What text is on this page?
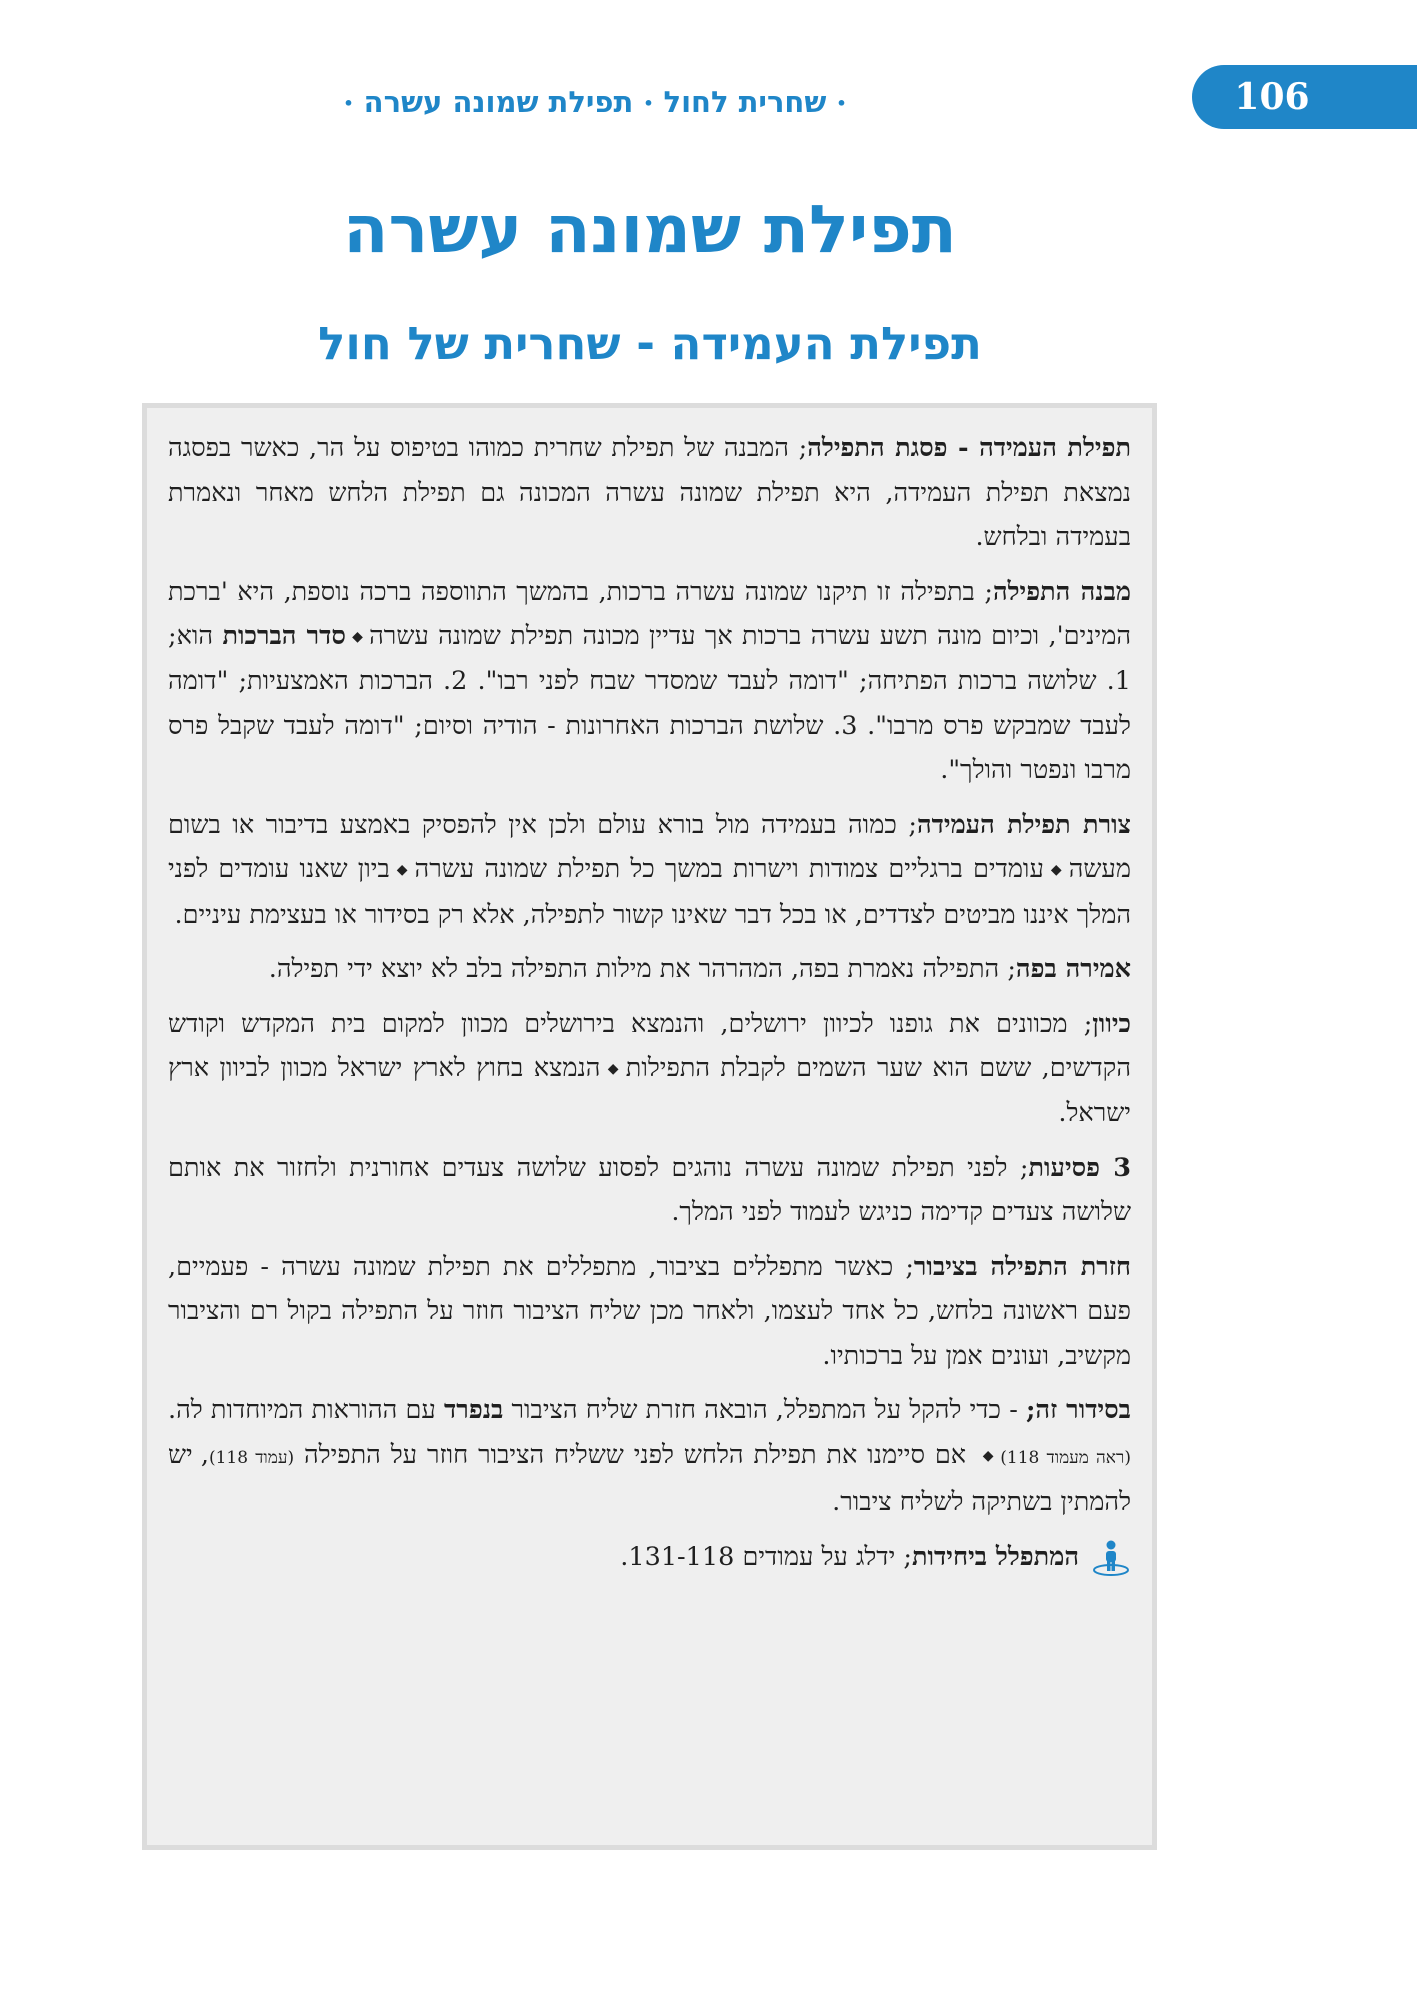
106
•שחרית לחול•תפילת שמונה עשרה•
תפילת שמונה עשרה
תפילת העמידה - שחרית של חול

תפילת העמידה - פסגת התפילה; המבנה של תפילת שחרית כמוהו בטיפוס על הר, כאשר בפסגה נמצאת תפילת העמידה, היא תפילת שמונה עשרה המכונה גם תפילת הלחש מאחר ונאמרת בעמידה ובלחש.

מבנה התפילה; בתפילה זו תיקנו שמונה עשרה ברכות, בהמשך התווספה ברכה נוספת, היא 'ברכת המינים', וכיום מונה תשע עשרה ברכות אך עדיין מכונה תפילת שמונה עשרה◆סדר הברכות הוא; 1. שלושה ברכות הפתיחה; "דומה לעבד שמסדר שבח לפני רבו". 2. הברכות האמצעיות; "דומה לעבד שמבקש פרס מרבו". 3. שלושת הברכות האחרונות - הודיה וסיום; "דומה לעבד שקבל פרס מרבו ונפטר והולך".

צורת תפילת העמידה; כמוה בעמידה מול בורא עולם ולכן אין להפסיק באמצע בדיבור או בשום מעשה◆עומדים ברגליים צמודות וישרות במשך כל תפילת שמונה עשרה◆ביון שאנו עומדים לפני המלך איננו מביטים לצדדים, או בכל דבר שאינו קשור לתפילה, אלא רק בסידור או בעצימת עיניים.

אמירה בפה; התפילה נאמרת בפה, המהרהר את מילות התפילה בלב לא יוצא ידי תפילה.

כיוון; מכוונים את גופנו לכיוון ירושלים, והנמצא בירושלים מכוון למקום בית המקדש וקודש הקדשים, ששם הוא שער השמים לקבלת התפילות◆הנמצא בחוץ לארץ ישראל מכוון לביוון ארץ ישראל.

3 פסיעות; לפני תפילת שמונה עשרה נוהגים לפסוע שלושה צעדים אחורנית ולחזור את אותם שלושה צעדים קדימה כניגש לעמוד לפני המלך.

חזרת התפילה בציבור; כאשר מתפללים בציבור, מתפללים את תפילת שמונה עשרה - פעמיים, פעם ראשונה בלחש, כל אחד לעצמו, ולאחר מכן שליח הציבור חוזר על התפילה בקול רם והציבור מקשיב, ועונים אמן על ברכותיו.

בסידור זה; - כדי להקל על המתפלל, הובאה חזרת שליח הציבור בנפרד עם ההוראות המיוחדות לה. (ראה מעמוד 118)◆ אם סיימנו את תפילת הלחש לפני ששליח הציבור חוזר על התפילה (עמוד 118), יש להמתין בשתיקה לשליח ציבור.

המתפלל ביחידות; ידלג על עמודים 131-118.
